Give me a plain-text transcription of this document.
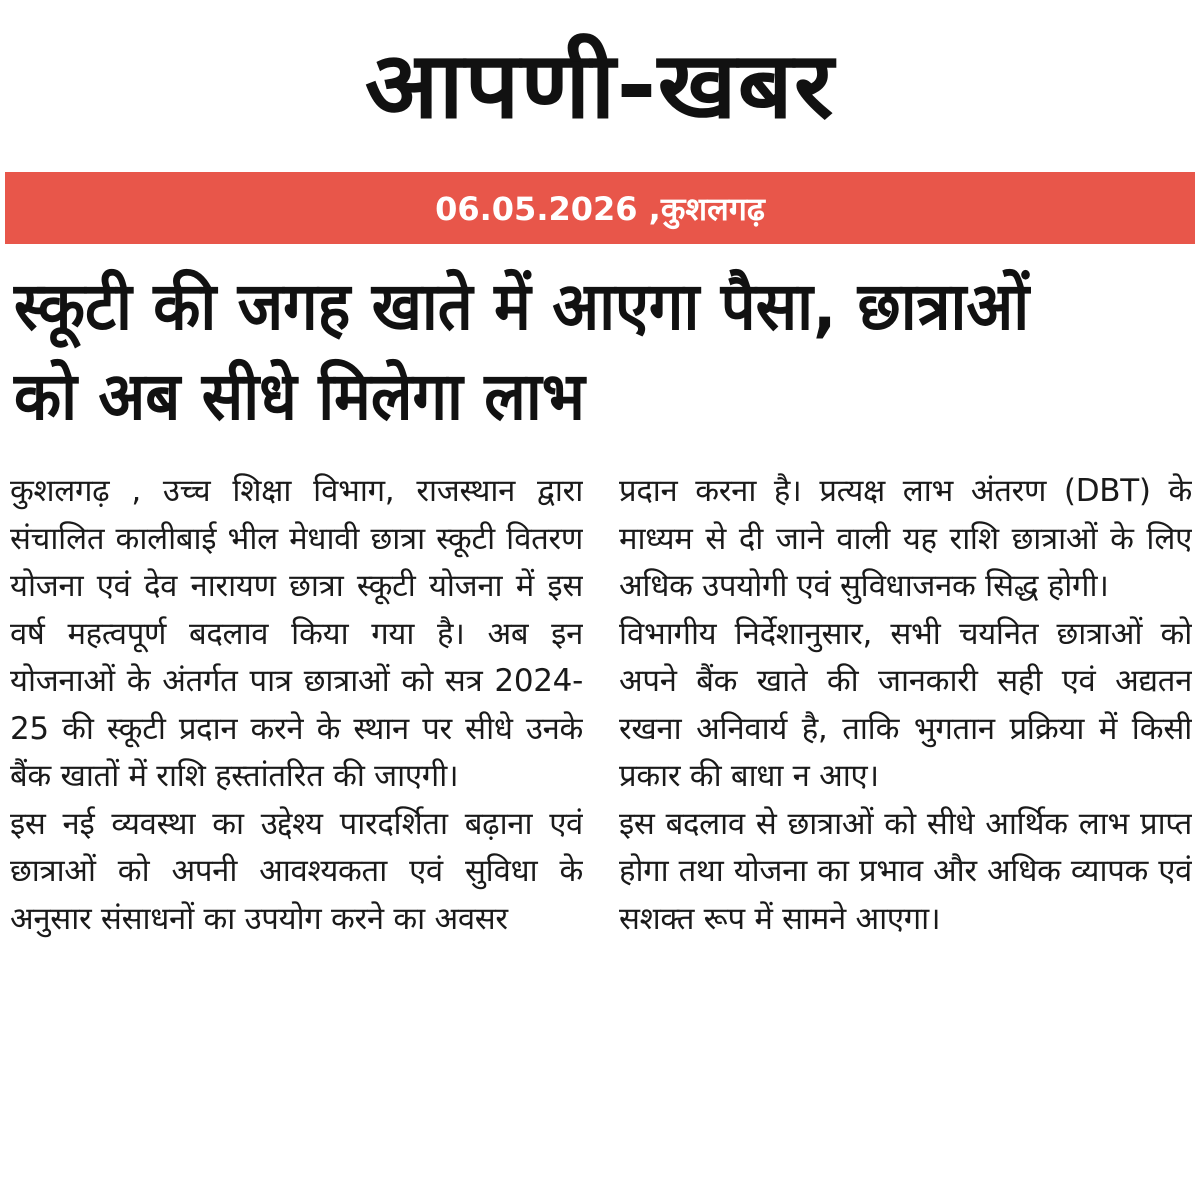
आपणी-खबर
06.05.2026 ,कुशलगढ़
स्कूटी की जगह खाते में आएगा पैसा, छात्राओं को अब सीधे मिलेगा लाभ

कुशलगढ़ , उच्च शिक्षा विभाग, राजस्थान द्वारा संचालित कालीबाई भील मेधावी छात्रा स्कूटी वितरण योजना एवं देव नारायण छात्रा स्कूटी योजना में इस वर्ष महत्वपूर्ण बदलाव किया गया है। अब इन योजनाओं के अंतर्गत पात्र छात्राओं को सत्र 2024-25 की स्कूटी प्रदान करने के स्थान पर सीधे उनके बैंक खातों में राशि हस्तांतरित की जाएगी।

इस नई व्यवस्था का उद्देश्य पारदर्शिता बढ़ाना एवं छात्राओं को अपनी आवश्यकता एवं सुविधा के अनुसार संसाधनों का उपयोग करने का अवसर

प्रदान करना है। प्रत्यक्ष लाभ अंतरण (DBT) के माध्यम से दी जाने वाली यह राशि छात्राओं के लिए अधिक उपयोगी एवं सुविधाजनक सिद्ध होगी।

विभागीय निर्देशानुसार, सभी चयनित छात्राओं को अपने बैंक खाते की जानकारी सही एवं अद्यतन रखना अनिवार्य है, ताकि भुगतान प्रक्रिया में किसी प्रकार की बाधा न आए।

इस बदलाव से छात्राओं को सीधे आर्थिक लाभ प्राप्त होगा तथा योजना का प्रभाव और अधिक व्यापक एवं सशक्त रूप में सामने आएगा।
